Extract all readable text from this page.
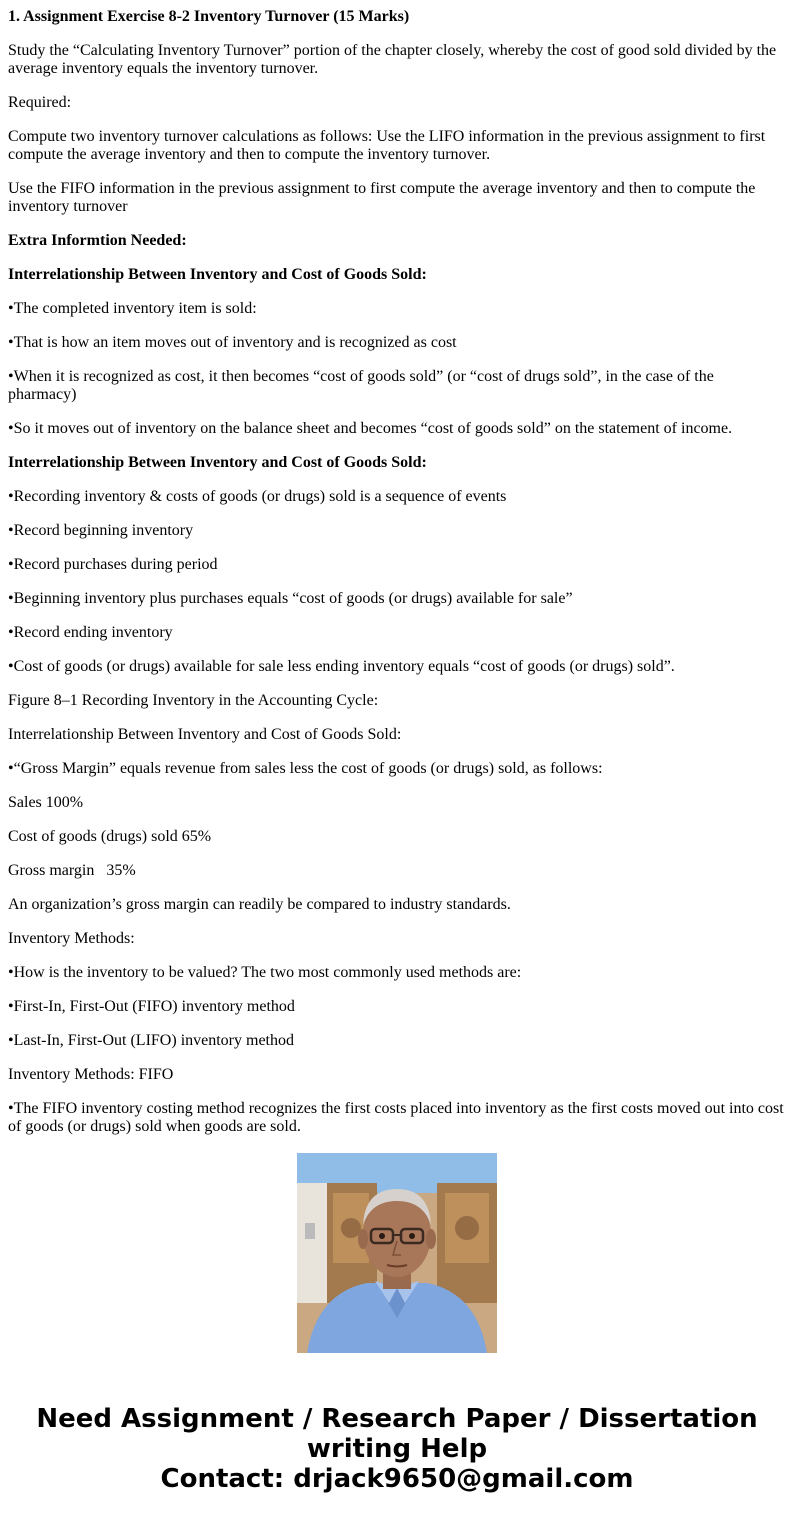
1. Assignment Exercise 8-2 Inventory Turnover (15 Marks)

Study the “Calculating Inventory Turnover” portion of the chapter closely, whereby the cost of good sold divided by the average inventory equals the inventory turnover.

Required:

Compute two inventory turnover calculations as follows: Use the LIFO information in the previous assignment to first compute the average inventory and then to compute the inventory turnover.

Use the FIFO information in the previous assignment to first compute the average inventory and then to compute the inventory turnover

Extra Informtion Needed:

Interrelationship Between Inventory and Cost of Goods Sold:

•The completed inventory item is sold:

•That is how an item moves out of inventory and is recognized as cost

•When it is recognized as cost, it then becomes “cost of goods sold” (or “cost of drugs sold”, in the case of the pharmacy)

•So it moves out of inventory on the balance sheet and becomes “cost of goods sold” on the statement of income.

Interrelationship Between Inventory and Cost of Goods Sold:

•Recording inventory & costs of goods (or drugs) sold is a sequence of events

•Record beginning inventory

•Record purchases during period

•Beginning inventory plus purchases equals “cost of goods (or drugs) available for sale”

•Record ending inventory

•Cost of goods (or drugs) available for sale less ending inventory equals “cost of goods (or drugs) sold”.

Figure 8–1 Recording Inventory in the Accounting Cycle:

Interrelationship Between Inventory and Cost of Goods Sold:

•“Gross Margin” equals revenue from sales less the cost of goods (or drugs) sold, as follows:

Sales 100%

Cost of goods (drugs) sold 65%

Gross margin   35%

An organization’s gross margin can readily be compared to industry standards.

Inventory Methods:

•How is the inventory to be valued? The two most commonly used methods are:

•First-In, First-Out (FIFO) inventory method

•Last-In, First-Out (LIFO) inventory method

Inventory Methods: FIFO

•The FIFO inventory costing method recognizes the first costs placed into inventory as the first costs moved out into cost of goods (or drugs) sold when goods are sold.

Need Assignment / Research Paper / Dissertation
writing Help
Contact: drjack9650@gmail.com
